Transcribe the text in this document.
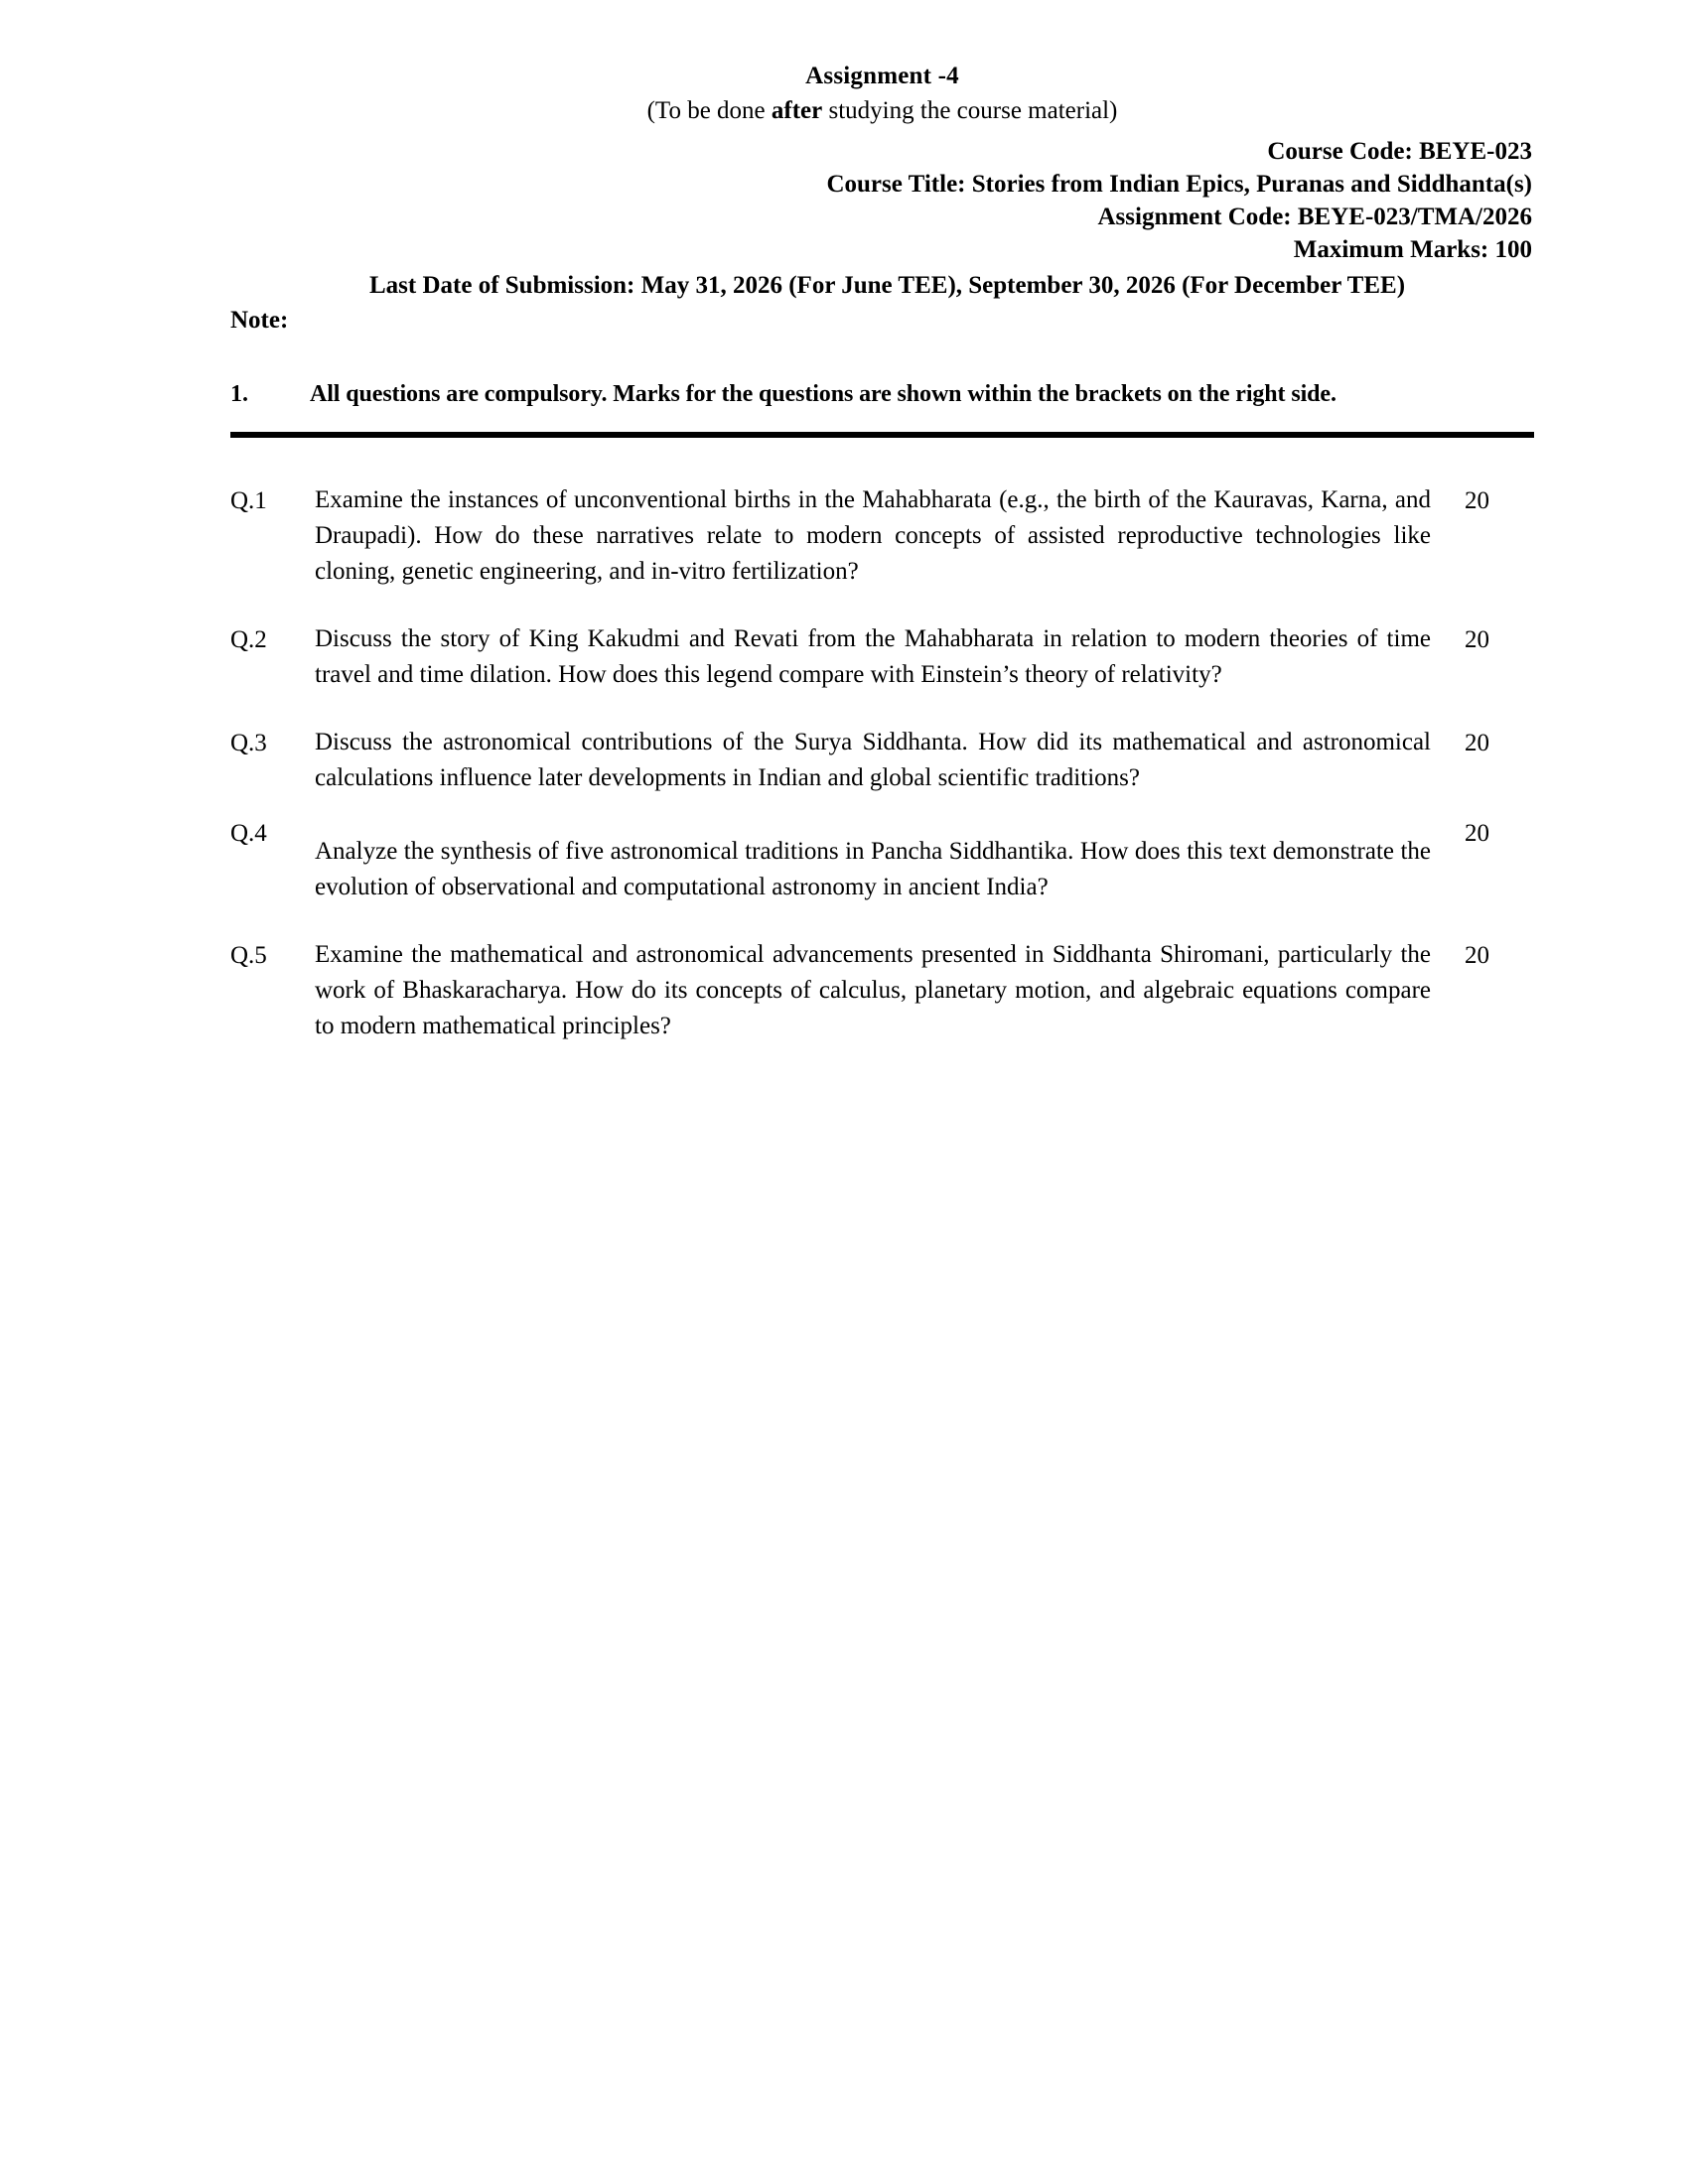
Assignment -4
(To be done after studying the course material)
Course Code: BEYE-023
Course Title: Stories from Indian Epics, Puranas and Siddhanta(s)
Assignment Code: BEYE-023/TMA/2026
Maximum Marks: 100
Last Date of Submission: May 31, 2026 (For June TEE), September 30, 2026 (For December TEE)
Note:
1.	All questions are compulsory. Marks for the questions are shown within the brackets on the right side.
Q.1	Examine the instances of unconventional births in the Mahabharata (e.g., the birth of the Kauravas, Karna, and Draupadi). How do these narratives relate to modern concepts of assisted reproductive technologies like cloning, genetic engineering, and in-vitro fertilization?
20
Q.2	Discuss the story of King Kakudmi and Revati from the Mahabharata in relation to modern theories of time travel and time dilation. How does this legend compare with Einstein’s theory of relativity?
20
Q.3	Discuss the astronomical contributions of the Surya Siddhanta. How did its mathematical and astronomical calculations influence later developments in Indian and global scientific traditions?
20
Q.4
Analyze the synthesis of five astronomical traditions in Pancha Siddhantika. How does this text demonstrate the evolution of observational and computational astronomy in ancient India?
20
Q.5	Examine the mathematical and astronomical advancements presented in Siddhanta Shiromani, particularly the work of Bhaskaracharya. How do its concepts of calculus, planetary motion, and algebraic equations compare to modern mathematical principles?
20
